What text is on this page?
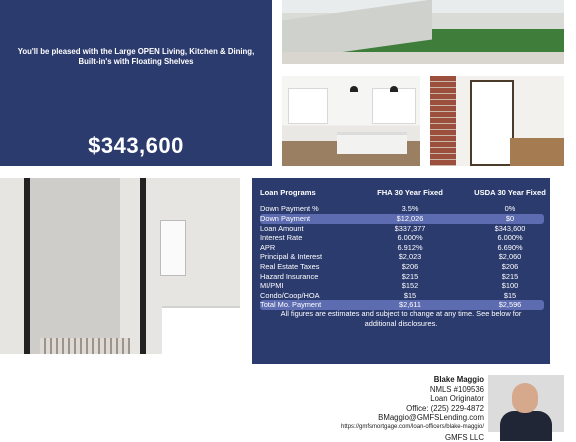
You'll be pleased with the Large OPEN Living, Kitchen & Dining, Built-in's with Floating Shelves
$343,600
Loan Programs	FHA 30 Year Fixed	USDA 30 Year Fixed
Down Payment %	3.5%	0%
Down Payment	$12,026	$0
Loan Amount	$337,377	$343,600
Interest Rate	6.000%	6.000%
APR	6.912%	6.690%
Principal & Interest	$2,023	$2,060
Real Estate Taxes	$206	$206
Hazard Insurance	$215	$215
MI/PMI	$152	$100
Condo/Coop/HOA	$15	$15
Total Mo. Payment	$2,611	$2,596
All figures are estimates and subject to change at any time. See below for additional disclosures.
Blake Maggio
NMLS #109536
Loan Originator
Office: (225) 229-4872
BMaggio@GMFSLending.com
https://gmfsmortgage.com/loan-officers/blake-maggio/
GMFS LLC
